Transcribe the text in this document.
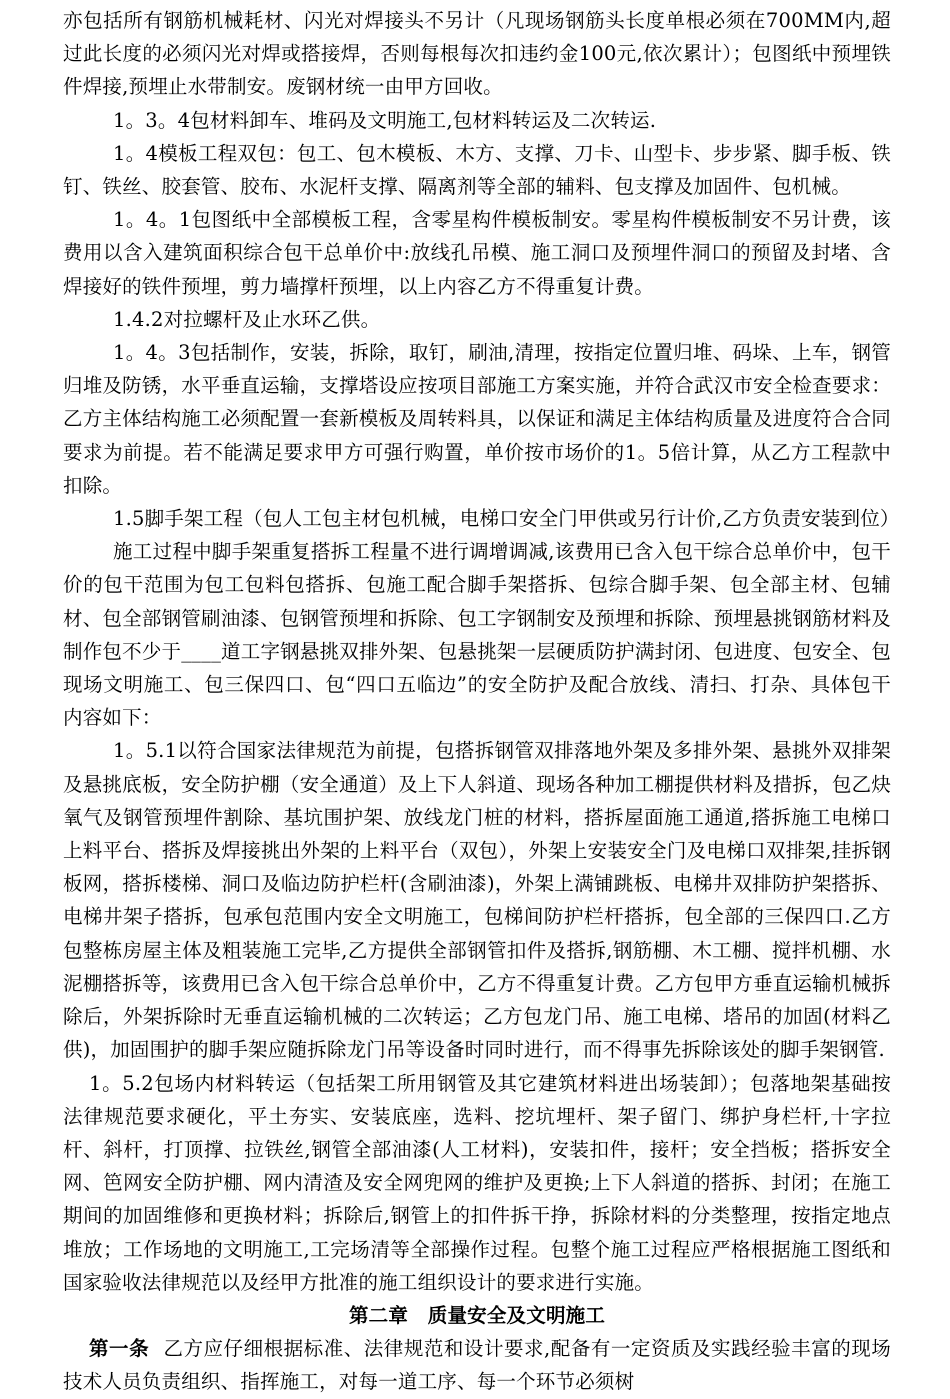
亦包括所有钢筋机械耗材、闪光对焊接头不另计（凡现场钢筋头长度单根必须在700MM内,超过此长度的必须闪光对焊或搭接焊，否则每根每次扣违约金100元,依次累计）；包图纸中预埋铁件焊接,预埋止水带制安。废钢材统一由甲方回收。

1。3。4包材料卸车、堆码及文明施工,包材料转运及二次转运.

1。4模板工程双包：包工、包木模板、木方、支撑、刀卡、山型卡、步步紧、脚手板、铁钉、铁丝、胶套管、胶布、水泥杆支撑、隔离剂等全部的辅料、包支撑及加固件、包机械。

1。4。1包图纸中全部模板工程，含零星构件模板制安。零星构件模板制安不另计费，该费用以含入建筑面积综合包干总单价中:放线孔吊模、施工洞口及预埋件洞口的预留及封堵、含焊接好的铁件预埋，剪力墙撑杆预埋，以上内容乙方不得重复计费。

1.4.2对拉螺杆及止水环乙供。

1。4。3包括制作，安装，拆除，取钉，刷油,清理，按指定位置归堆、码垛、上车，钢管归堆及防锈，水平垂直运输，支撑塔设应按项目部施工方案实施，并符合武汉市安全检查要求：乙方主体结构施工必须配置一套新模板及周转料具，以保证和满足主体结构质量及进度符合合同要求为前提。若不能满足要求甲方可强行购置，单价按市场价的1。5倍计算，从乙方工程款中扣除。

1.5脚手架工程（包人工包主材包机械，电梯口安全门甲供或另行计价,乙方负责安装到位）

施工过程中脚手架重复搭拆工程量不进行调增调减,该费用已含入包干综合总单价中，包干价的包干范围为包工包料包搭拆、包施工配合脚手架搭拆、包综合脚手架、包全部主材、包辅材、包全部钢管刷油漆、包钢管预埋和拆除、包工字钢制安及预埋和拆除、预埋悬挑钢筋材料及制作包不少于____道工字钢悬挑双排外架、包悬挑架一层硬质防护满封闭、包进度、包安全、包现场文明施工、包三保四口、包“四口五临边”的安全防护及配合放线、清扫、打杂、具体包干内容如下：

1。5.1以符合国家法律规范为前提，包搭拆钢管双排落地外架及多排外架、悬挑外双排架及悬挑底板，安全防护棚（安全通道）及上下人斜道、现场各种加工棚提供材料及措拆，包乙炔氧气及钢管预埋件割除、基坑围护架、放线龙门桩的材料，搭拆屋面施工通道,搭拆施工电梯口上料平台、搭拆及焊接挑出外架的上料平台（双包），外架上安装安全门及电梯口双排架,挂拆钢板网，搭拆楼梯、洞口及临边防护栏杆(含刷油漆)，外架上满铺跳板、电梯井双排防护架搭拆、电梯井架子搭拆，包承包范围内安全文明施工，包梯间防护栏杆搭拆，包全部的三保四口.乙方包整栋房屋主体及粗装施工完毕,乙方提供全部钢管扣件及搭拆,钢筋棚、木工棚、搅拌机棚、水泥棚搭拆等，该费用已含入包干综合总单价中，乙方不得重复计费。乙方包甲方垂直运输机械拆除后，外架拆除时无垂直运输机械的二次转运；乙方包龙门吊、施工电梯、塔吊的加固(材料乙供)，加固围护的脚手架应随拆除龙门吊等设备时同时进行，而不得事先拆除该处的脚手架钢管.

1。5.2包场内材料转运（包括架工所用钢管及其它建筑材料进出场装卸）；包落地架基础按法律规范要求硬化，平土夯实、安装底座，选料、挖坑埋杆、架子留门、绑护身栏杆,十字拉杆、斜杆，打顶撑、拉铁丝,钢管全部油漆(人工材料)，安装扣件，接杆；安全挡板；搭拆安全网、笆网安全防护棚、网内清渣及安全网兜网的维护及更换;上下人斜道的搭拆、封闭；在施工期间的加固维修和更换材料；拆除后,钢管上的扣件拆干挣，拆除材料的分类整理，按指定地点堆放；工作场地的文明施工,工完场清等全部操作过程。包整个施工过程应严格根据施工图纸和国家验收法律规范以及经甲方批准的施工组织设计的要求进行实施。

第二章　质量安全及文明施工

第一条 乙方应仔细根据标准、法律规范和设计要求,配备有一定资质及实践经验丰富的现场技术人员负责组织、指挥施工，对每一道工序、每一个环节必须树
